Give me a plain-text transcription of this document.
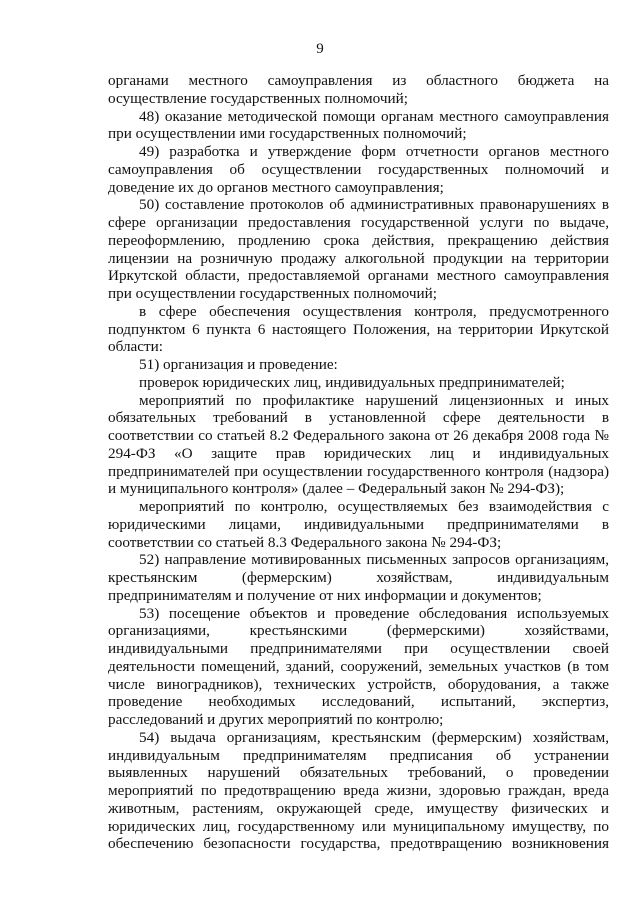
9

органами местного самоуправления из областного бюджета на осуществление государственных полномочий;

48) оказание методической помощи органам местного самоуправления при осуществлении ими государственных полномочий;

49) разработка и утверждение форм отчетности органов местного самоуправления об осуществлении государственных полномочий и доведение их до органов местного самоуправления;

50) составление протоколов об административных правонарушениях в сфере организации предоставления государственной услуги по выдаче, переоформлению, продлению срока действия, прекращению действия лицензии на розничную продажу алкогольной продукции на территории Иркутской области, предоставляемой органами местного самоуправления при осуществлении государственных полномочий;

в сфере обеспечения осуществления контроля, предусмотренного подпунктом 6 пункта 6 настоящего Положения, на территории Иркутской области:

51) организация и проведение:

проверок юридических лиц, индивидуальных предпринимателей;

мероприятий по профилактике нарушений лицензионных и иных обязательных требований в установленной сфере деятельности в соответствии со статьей 8.2 Федерального закона от 26 декабря 2008 года № 294-ФЗ «О защите прав юридических лиц и индивидуальных предпринимателей при осуществлении государственного контроля (надзора) и муниципального контроля» (далее – Федеральный закон № 294-ФЗ);

мероприятий по контролю, осуществляемых без взаимодействия с юридическими лицами, индивидуальными предпринимателями в соответствии со статьей 8.3 Федерального закона № 294-ФЗ;

52) направление мотивированных письменных запросов организациям, крестьянским (фермерским) хозяйствам, индивидуальным предпринимателям и получение от них информации и документов;

53) посещение объектов и проведение обследования используемых организациями, крестьянскими (фермерскими) хозяйствами, индивидуальными предпринимателями при осуществлении своей деятельности помещений, зданий, сооружений, земельных участков (в том числе виноградников), технических устройств, оборудования, а также проведение необходимых исследований, испытаний, экспертиз, расследований и других мероприятий по контролю;

54) выдача организациям, крестьянским (фермерским) хозяйствам, индивидуальным предпринимателям предписания об устранении выявленных нарушений обязательных требований, о проведении мероприятий по предотвращению вреда жизни, здоровью граждан, вреда животным, растениям, окружающей среде, имуществу физических и юридических лиц, государственному или муниципальному имуществу, по обеспечению безопасности государства, предотвращению возникновения
